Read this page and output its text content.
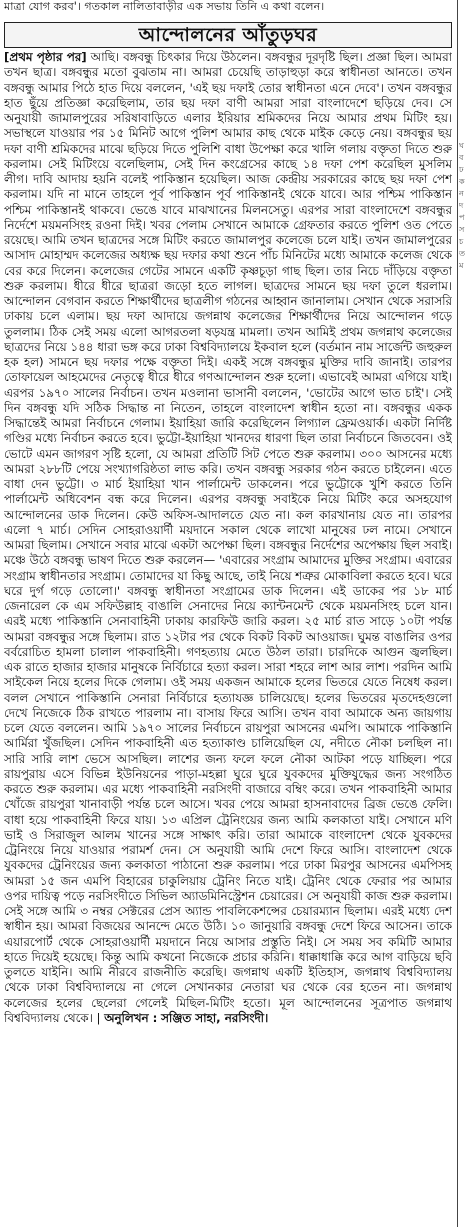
মাত্রা যোগ করব'। গতকাল নালিতাবাড়ীর এক সভায় তিনি এ কথা বলেন।
আন্দোলনের আঁতুড়ঘর
[প্রথম পৃষ্ঠার পর] আছি। বঙ্গবন্ধু চিৎকার দিয়ে উঠলেন। বঙ্গবন্ধুর দূরদৃষ্টি ছিল। প্রজ্ঞা ছিল। আমরা তখন ছাত্র। বঙ্গবন্ধুর মতো বুঝতাম না। আমরা চেয়েছি তাড়াহুড়া করে স্বাধীনতা আনতে। তখন বঙ্গবন্ধু আমার পিঠে হাত দিয়ে বললেন, 'এই ছয় দফাই তোর স্বাধীনতা এনে দেবে'। তখন বঙ্গবন্ধুর হাত ছুঁয়ে প্রতিজ্ঞা করেছিলাম, তার ছয় দফা বাণী আমরা সারা বাংলাদেশে ছড়িয়ে দেব। সে অনুযায়ী জামালপুরের সরিষাবাড়িতে এলার ইরিয়ার শ্রমিকদের নিয়ে আমার প্রথম মিটিং হয়। সভাস্থলে যাওয়ার পর ১৫ মিনিট আগে পুলিশ আমার কাছ থেকে মাইক কেড়ে নেয়। বঙ্গবন্ধুর ছয় দফা বাণী শ্রমিকদের মাঝে ছড়িয়ে দিতে পুলিশি বাধা উপেক্ষা করে খালি গলায় বক্তৃতা দিতে শুরু করলাম। সেই মিটিংয়ে বলেছিলাম, সেই দিন কংগ্রেসের কাছে ১৪ দফা পেশ করেছিল মুসলিম লীগ। দাবি আদায় হয়নি বলেই পাকিস্তান হয়েছিল। আজ কেন্দ্রীয় সরকারের কাছে ছয় দফা পেশ করলাম। যদি না মানে তাহলে পূর্ব পাকিস্তান পূর্ব পাকিস্তানই থেকে যাবে। আর পশ্চিম পাকিস্তান পশ্চিম পাকিস্তানই থাকবে। ভেঙে যাবে মাঝখানের মিলনসেতু। এরপর সারা বাংলাদেশে বঙ্গবন্ধুর নির্দেশে ময়মনসিংহ রওনা দিই। খবর পেলাম সেখানে আমাকে গ্রেফতার করতে পুলিশ ওত পেতে রয়েছে। আমি তখন ছাত্রদের সঙ্গে মিটিং করতে জামালপুর কলেজে চলে যাই। তখন জামালপুরের আসাদ মোহাম্মদ কলেজের অধ্যক্ষ ছয় দফার কথা শুনে পাঁচ মিনিটের মধ্যে আমাকে কলেজ থেকে বের করে দিলেন। কলেজের গেটের সামনে একটি কৃষ্ণচূড়া গাছ ছিল। তার নিচে দাঁড়িয়ে বক্তৃতা শুরু করলাম। ধীরে ধীরে ছাত্ররা জড়ো হতে লাগল। ছাত্রদের সামনে ছয় দফা তুলে ধরলাম। আন্দোলন বেগবান করতে শিক্ষার্থীদের ছাত্রলীগ গঠনের আহ্বান জানালাম। সেখান থেকে সরাসরি ঢাকায় চলে এলাম। ছয় দফা আদায়ে জগন্নাথ কলেজের শিক্ষার্থীদের নিয়ে আন্দোলন গড়ে তুললাম। ঠিক সেই সময় এলো আগরতলা ষড়যন্ত্র মামলা। তখন আমিই প্রথম জগন্নাথ কলেজের ছাত্রদের নিয়ে ১৪৪ ধারা ভঙ্গ করে ঢাকা বিশ্ববিদ্যালয়ে ইকবাল হলে (বর্তমান নাম সার্জেন্ট জহুরুল হক হল) সামনে ছয় দফার পক্ষে বক্তৃতা দিই। একই সঙ্গে বঙ্গবন্ধুর মুক্তির দাবি জানাই। তারপর তোফায়েল আহমেদের নেতৃত্বে ধীরে ধীরে গণআন্দোলন শুরু হলো। এভাবেই আমরা এগিয়ে যাই। এরপর ১৯৭০ সালের নির্বাচন। তখন মওলানা ভাসানী বললেন, 'ভোটের আগে ভাত চাই'। সেই দিন বঙ্গবন্ধু যদি সঠিক সিদ্ধান্ত না নিতেন, তাহলে বাংলাদেশ স্বাধীন হতো না। বঙ্গবন্ধুর একক সিদ্ধান্তেই আমরা নির্বাচনে গেলাম। ইয়াহিয়া জারি করেছিলেন লিগ্যাল ফ্রেমওয়ার্ক। একটা নির্দিষ্ট গণ্ডির মধ্যে নির্বাচন করতে হবে। ভুট্টো-ইয়াহিয়া খানদের ধারণা ছিল তারা নির্বাচনে জিতবেন। ওই ভোটে এমন জাগরণ সৃষ্টি হলো, যে আমরা প্রতিটি সিট পেতে শুরু করলাম। ৩০০ আসনের মধ্যে আমরা ২৮৮টি পেয়ে সংখ্যাগরিষ্ঠতা লাভ করি। তখন বঙ্গবন্ধু সরকার গঠন করতে চাইলেন। এতে বাধা দেন ভুট্টো। ৩ মার্চ ইয়াহিয়া খান পার্লামেন্ট ডাকলেন। পরে ভুট্টোকে খুশি করতে তিনি পার্লামেন্ট অধিবেশন বন্ধ করে দিলেন। এরপর বঙ্গবন্ধু সবাইকে নিয়ে মিটিং করে অসহযোগ আন্দোলনের ডাক দিলেন। কেউ অফিস-আদালতে যেত না। কল কারখানায় যেত না। তারপর এলো ৭ মার্চ। সেদিন সোহরাওয়ার্দী ময়দানে সকাল থেকে লাখো মানুষের ঢল নামে। সেখানে আমরা ছিলাম। সেখানে সবার মাঝে একটা অপেক্ষা ছিল। বঙ্গবন্ধুর নির্দেশের অপেক্ষায় ছিল সবাই। মঞ্চে উঠে বঙ্গবন্ধু ভাষণ দিতে শুরু করলেন— 'এবারের সংগ্রাম আমাদের মুক্তির সংগ্রাম। এবারের সংগ্রাম স্বাধীনতার সংগ্রাম। তোমাদের যা কিছু আছে, তাই নিয়ে শত্রুর মোকাবিলা করতে হবে। ঘরে ঘরে দুর্গ গড়ে তোলো।' বঙ্গবন্ধু স্বাধীনতা সংগ্রামের ডাক দিলেন। এই ডাকের পর ১৮ মার্চ জেনারেল কে এম সফিউল্লাহ বাঙালি সেনাদের নিয়ে ক্যান্টনমেন্ট থেকে ময়মনসিংহ চলে যান। এরই মধ্যে পাকিস্তানি সেনাবাহিনী ঢাকায় কারফিউ জারি করল। ২৫ মার্চ রাত সাড়ে ১০টা পর্যন্ত আমরা বঙ্গবন্ধুর সঙ্গে ছিলাম। রাত ১২টার পর থেকে বিকট বিকট আওয়াজ। ঘুমন্ত বাঙালির ওপর বর্বরোচিত হামলা চালাল পাকবাহিনী। গণহত্যায় মেতে উঠল তারা। চারদিকে আগুন জ্বলছিল। এক রাতে হাজার হাজার মানুষকে নির্বিচারে হত্যা করল। সারা শহরে লাশ আর লাশ। পরদিন আমি সাইকেল নিয়ে হলের দিকে গেলাম। ওই সময় একজন আমাকে হলের ভিতরে যেতে নিষেধ করল। বলল সেখানে পাকিস্তানি সেনারা নির্বিচারে হত্যাযজ্ঞ চালিয়েছে। হলের ভিতরের মৃতদেহগুলো দেখে নিজেকে ঠিক রাখতে পারলাম না। বাসায় ফিরে আসি। তখন বাবা আমাকে অন্য জায়গায় চলে যেতে বললেন। আমি ১৯৭০ সালের নির্বাচনে রায়পুরা আসনের এমপি। আমাকে পাকিস্তানি আর্মিরা খুঁজছিল। সেদিন পাকবাহিনী এত হত্যাকাণ্ড চালিয়েছিল যে, নদীতে নৌকা চলছিল না। সারি সারি লাশ ভেসে আসছিল। লাশের জন্য ফলে ফলে নৌকা আটকা পড়ে যাচ্ছিল। পরে রায়পুরায় এসে বিভিন্ন ইউনিয়নের পাড়া-মহল্লা ঘুরে ঘুরে যুবকদের মুক্তিযুদ্ধের জন্য সংগঠিত করতে শুরু করলাম। এর মধ্যে পাকবাহিনী নরসিংদী বাজারে বম্বিং করে। তখন পাকবাহিনী আমার খোঁজে রায়পুরা খানাবাড়ী পর্যন্ত চলে আসে। খবর পেয়ে আমরা হাসনাবাদের ব্রিজ ভেঙে ফেলি। বাধা হয়ে পাকবাহিনী ফিরে যায়। ১৩ এপ্রিল ট্রেনিংয়ের জন্য আমি কলকাতা যাই। সেখানে মণি ভাই ও সিরাজুল আলম খানের সঙ্গে সাক্ষাৎ করি। তারা আমাকে বাংলাদেশ থেকে যুবকদের ট্রেনিংয়ে নিয়ে যাওয়ার পরামর্শ দেন। সে অনুযায়ী আমি দেশে ফিরে আসি। বাংলাদেশ থেকে যুবকদের ট্রেনিংয়ের জন্য কলকাতা পাঠানো শুরু করলাম। পরে ঢাকা মিরপুর আসনের এমপিসহ আমরা ১৫ জন এমপি বিহারের চাকুলিয়ায় ট্রেনিং নিতে যাই। ট্রেনিং থেকে ফেরার পর আমার ওপর দায়িত্ব পড়ে নরসিংদীতে সিভিল অ্যাডমিনিস্ট্রেশন চেয়ারের। সে অনুযায়ী কাজ শুরু করলাম। সেই সঙ্গে আমি ৩ নম্বর সেক্টরের প্রেস অ্যান্ড পাবলিকেশন্সের চেয়ারম্যান ছিলাম। এরই মধ্যে দেশ স্বাধীন হয়। আমরা বিজয়ের আনন্দে মেতে উঠি। ১০ জানুয়ারি বঙ্গবন্ধু দেশে ফিরে আসেন। তাকে এয়ারপোর্ট থেকে সোহরাওয়ার্দী ময়দানে নিয়ে আসার প্রস্তুতি নিই। সে সময় সব কমিটি আমার হাতে দিয়েই হয়েছে। কিন্তু আমি কখনো নিজেকে প্রচার করিনি। ধাক্কাধাক্কি করে আগ বাড়িয়ে ছবি তুলতে যাইনি। আমি নীরবে রাজনীতি করেছি। জগন্নাথ একটি ইতিহাস, জগন্নাথ বিশ্ববিদ্যালয় থেকে ঢাকা বিশ্ববিদ্যালয়ে না গেলে সেখানকার নেতারা ঘর থেকে বের হতেন না। জগন্নাথ কলেজের হলের ছেলেরা গেলেই মিছিল-মিটিং হতো। মূল আন্দোলনের সূত্রপাত জগন্নাথ বিশ্ববিদ্যালয় থেকে। | অনুলিখন : সঞ্জিত সাহা, নরসিংদী।
ঘ
ব
ঢ
ক
ন
দ
প
স
চ
ত
ম
